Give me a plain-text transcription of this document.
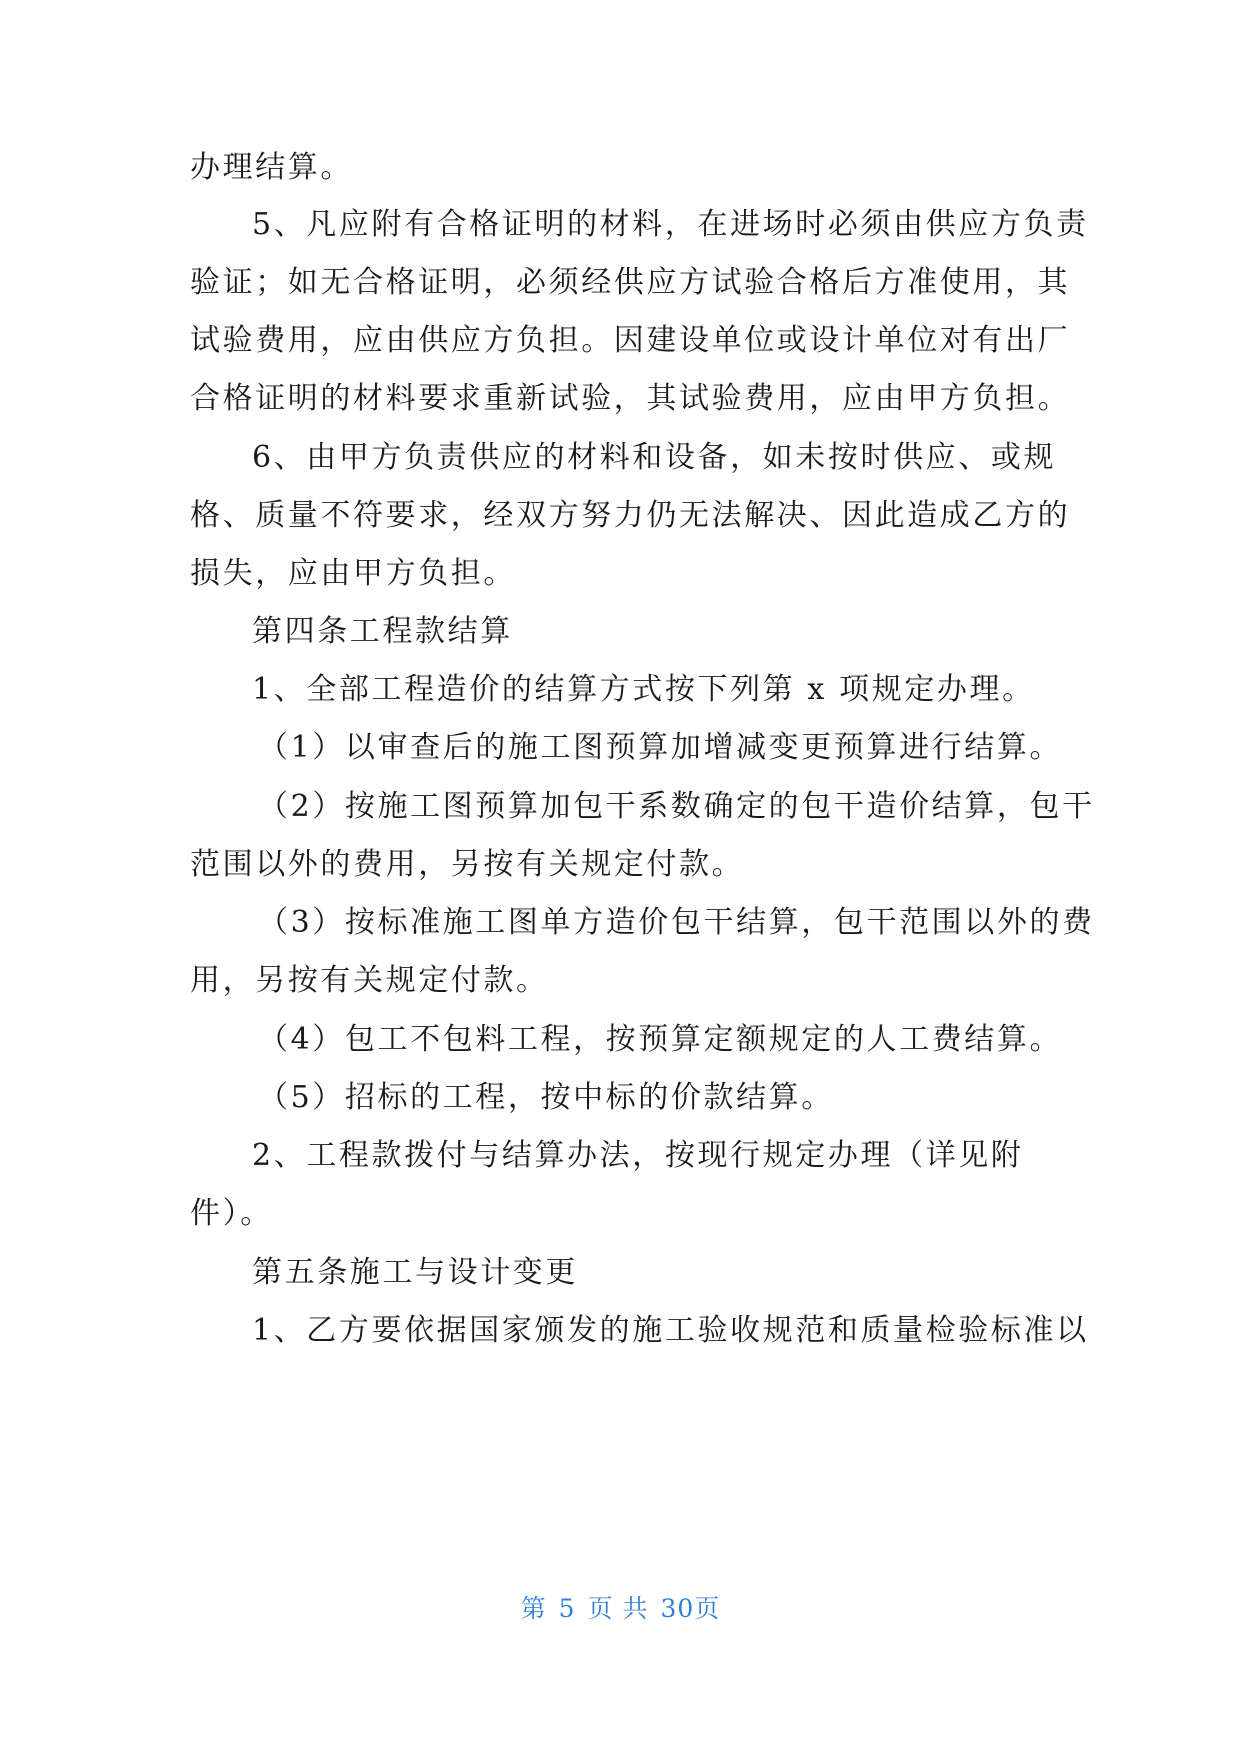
办理结算。
5、凡应附有合格证明的材料，在进场时必须由供应方负责
验证；如无合格证明，必须经供应方试验合格后方准使用，其
试验费用，应由供应方负担。因建设单位或设计单位对有出厂
合格证明的材料要求重新试验，其试验费用，应由甲方负担。
6、由甲方负责供应的材料和设备，如未按时供应、或规
格、质量不符要求，经双方努力仍无法解决、因此造成乙方的
损失，应由甲方负担。
第四条工程款结算
1、全部工程造价的结算方式按下列第 x 项规定办理。
（1）以审查后的施工图预算加增减变更预算进行结算。
（2）按施工图预算加包干系数确定的包干造价结算，包干
范围以外的费用，另按有关规定付款。
（3）按标准施工图单方造价包干结算，包干范围以外的费
用，另按有关规定付款。
（4）包工不包料工程，按预算定额规定的人工费结算。
（5）招标的工程，按中标的价款结算。
2、工程款拨付与结算办法，按现行规定办理（详见附
件）。
第五条施工与设计变更
1、乙方要依据国家颁发的施工验收规范和质量检验标准以
第 5 页 共 30页
